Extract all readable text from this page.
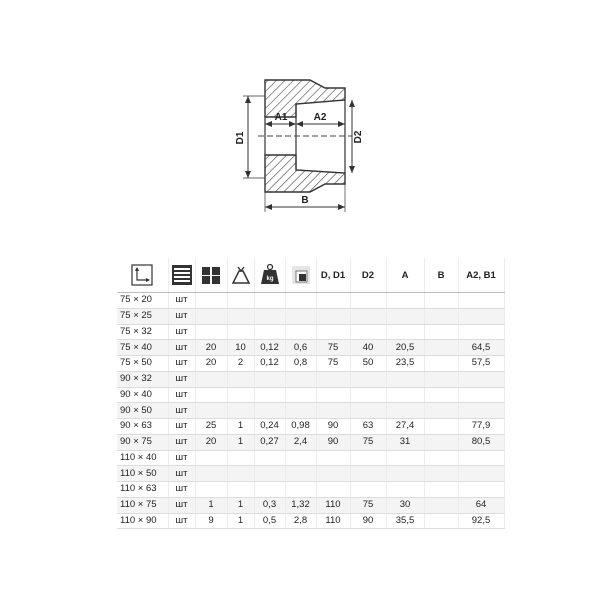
D1	D2
A1	A2
B

kg		D, D1	D2	A	B	A2, B1
75 × 20	шт									
75 × 25	шт									
75 × 32	шт									
75 × 40	шт	20	10	0,12	0,6	75	40	20,5		64,5
75 × 50	шт	20	2	0,12	0,8	75	50	23,5		57,5
90 × 32	шт									
90 × 40	шт									
90 × 50	шт									
90 × 63	шт	25	1	0,24	0,98	90	63	27,4		77,9
90 × 75	шт	20	1	0,27	2,4	90	75	31		80,5
110 × 40	шт									
110 × 50	шт									
110 × 63	шт									
110 × 75	шт	1	1	0,3	1,32	110	75	30		64
110 × 90	шт	9	1	0,5	2,8	110	90	35,5		92,5
